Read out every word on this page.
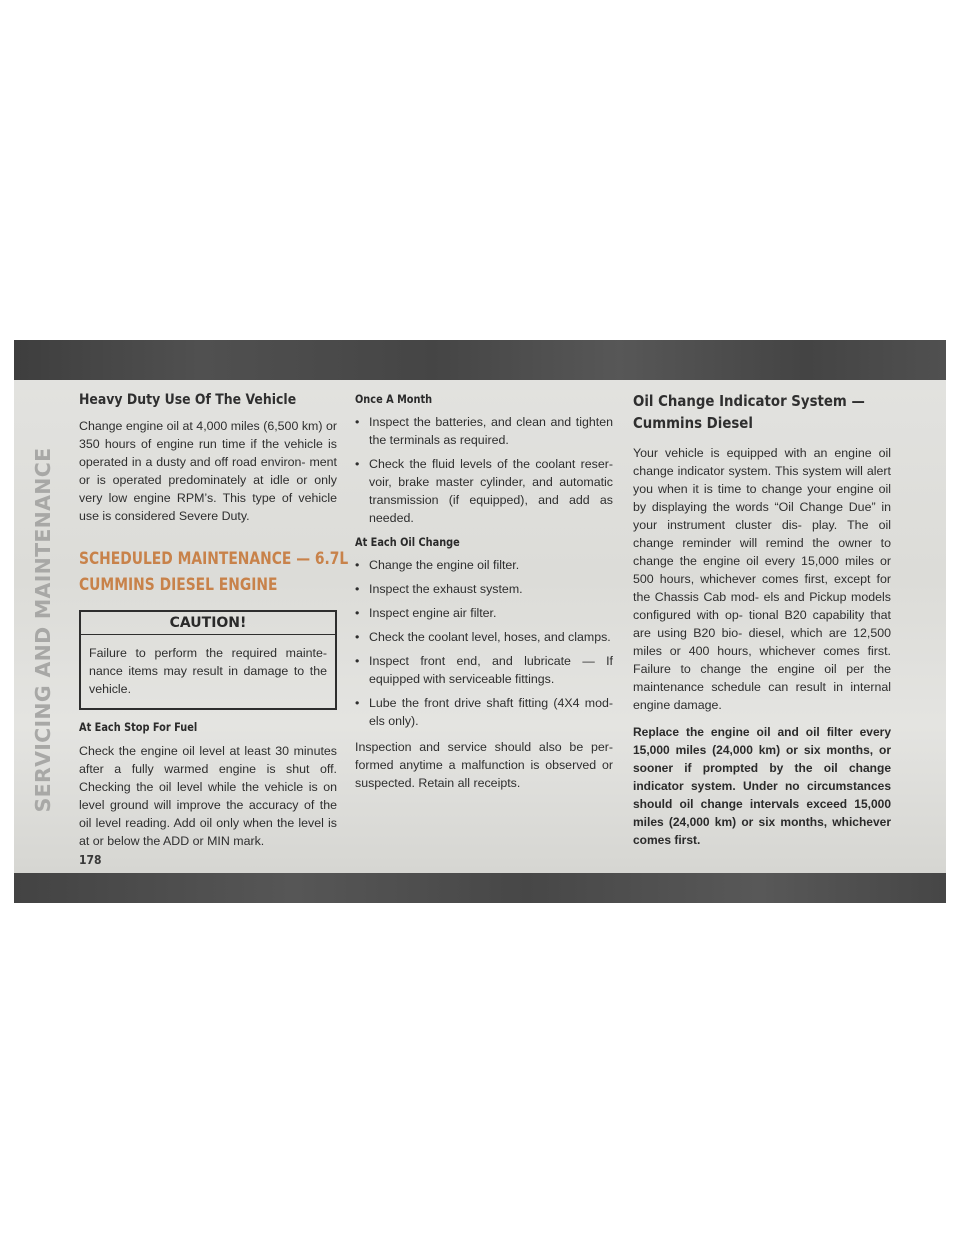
SERVICING AND MAINTENANCE
Heavy Duty Use Of The Vehicle

Change engine oil at 4,000 miles (6,500 km) or 350 hours of engine run time if the vehicle is operated in a dusty and off road environ- ment or is operated predominately at idle or only very low engine RPM’s. This type of vehicle use is considered Severe Duty.

SCHEDULED MAINTENANCE — 6.7L
CUMMINS DIESEL ENGINE
CAUTION!
Failure to perform the required mainte- nance items may result in damage to the vehicle.
At Each Stop For Fuel

Check the engine oil level at least 30 minutes after a fully warmed engine is shut off. Checking the oil level while the vehicle is on level ground will improve the accuracy of the oil level reading. Add oil only when the level is at or below the ADD or MIN mark.

Once A Month
• Inspect the batteries, and clean and tighten the terminals as required.
• Check the fluid levels of the coolant reser- voir, brake master cylinder, and automatic transmission (if equipped), and add as needed.
At Each Oil Change
• Change the engine oil filter.
• Inspect the exhaust system.
• Inspect engine air filter.
• Check the coolant level, hoses, and clamps.
• Inspect front end, and lubricate — If equipped with serviceable fittings.
• Lube the front drive shaft fitting (4X4 mod- els only).

Inspection and service should also be per- formed anytime a malfunction is observed or suspected. Retain all receipts.

Oil Change Indicator System —
Cummins Diesel

Your vehicle is equipped with an engine oil change indicator system. This system will alert you when it is time to change your engine oil by displaying the words “Oil Change Due” in your instrument cluster dis- play. The oil change reminder will remind the owner to change the engine oil every 15,000 miles or 500 hours, whichever comes first, except for the Chassis Cab mod- els and Pickup models configured with op- tional B20 capability that are using B20 bio- diesel, which are 12,500 miles or 400 hours, whichever comes first. Failure to change the engine oil per the maintenance schedule can result in internal engine damage.

Replace the engine oil and oil filter every 15,000 miles (24,000 km) or six months, or sooner if prompted by the oil change indicator system. Under no circumstances should oil change intervals exceed 15,000 miles (24,000 km) or six months, whichever comes first.

178
